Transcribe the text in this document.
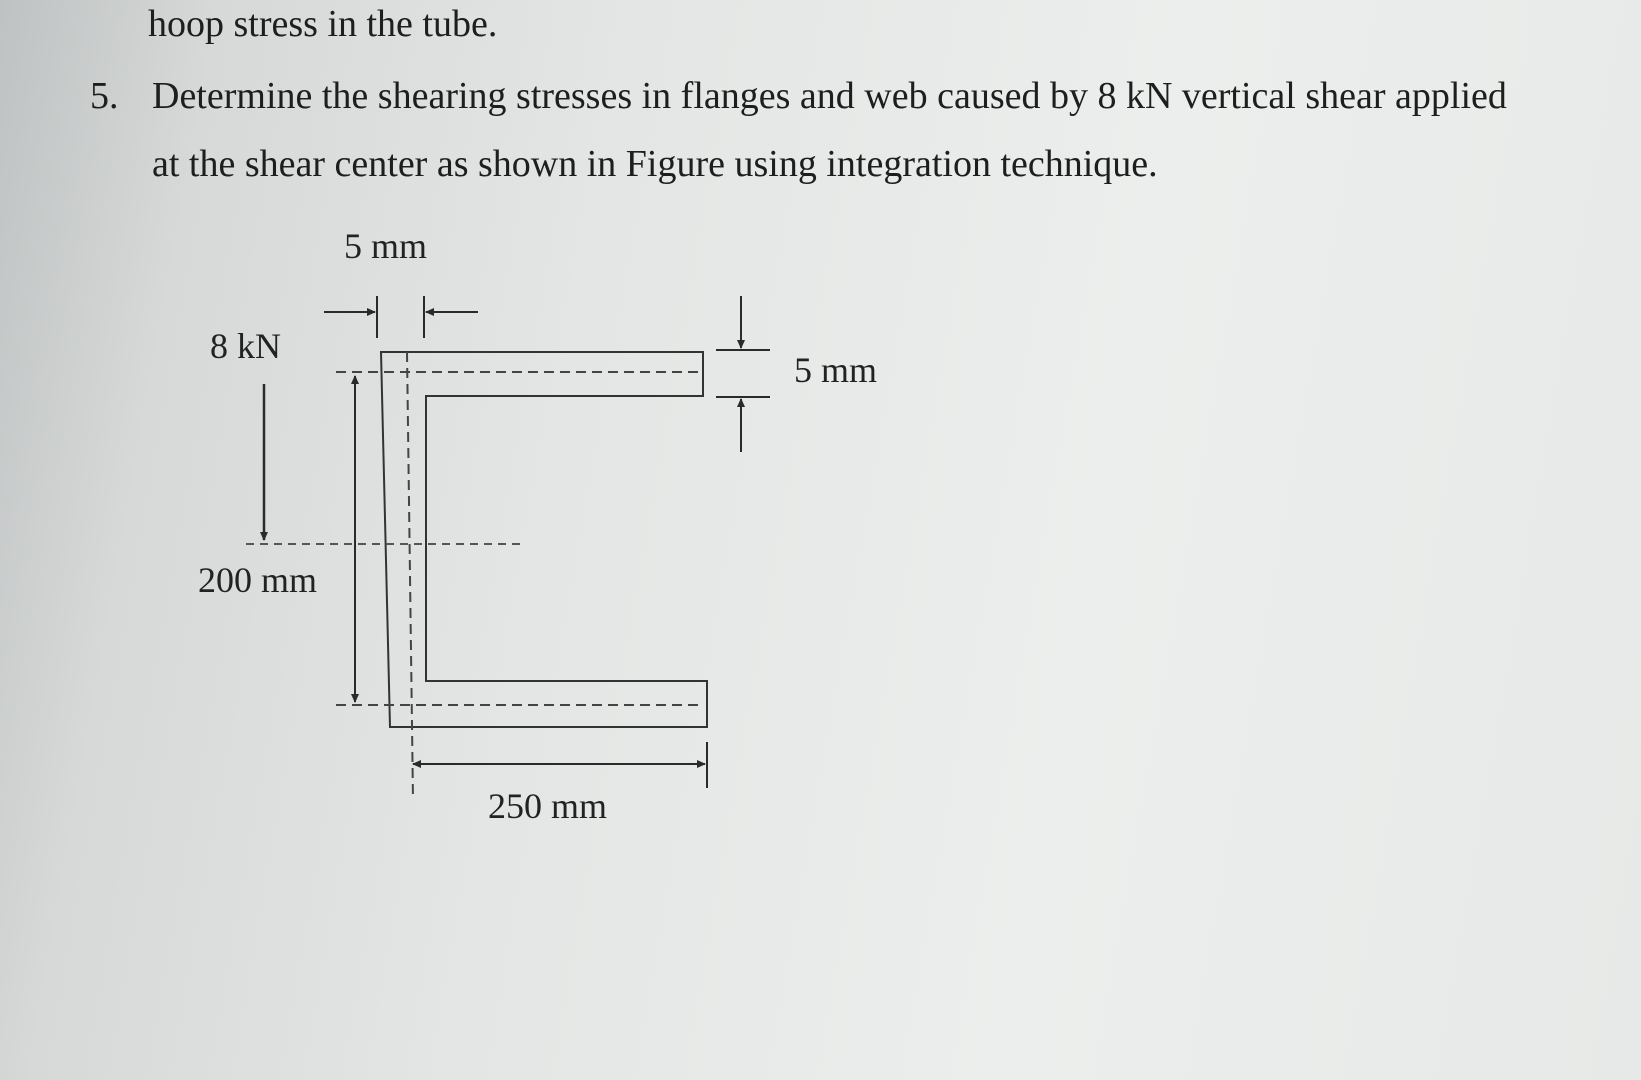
hoop stress in the tube.
5. Determine the shearing stresses in flanges and web caused by 8 kN vertical shear applied
at the shear center as shown in Figure using integration technique.
5 mm
5 mm
8 kN
200 mm
250 mm
